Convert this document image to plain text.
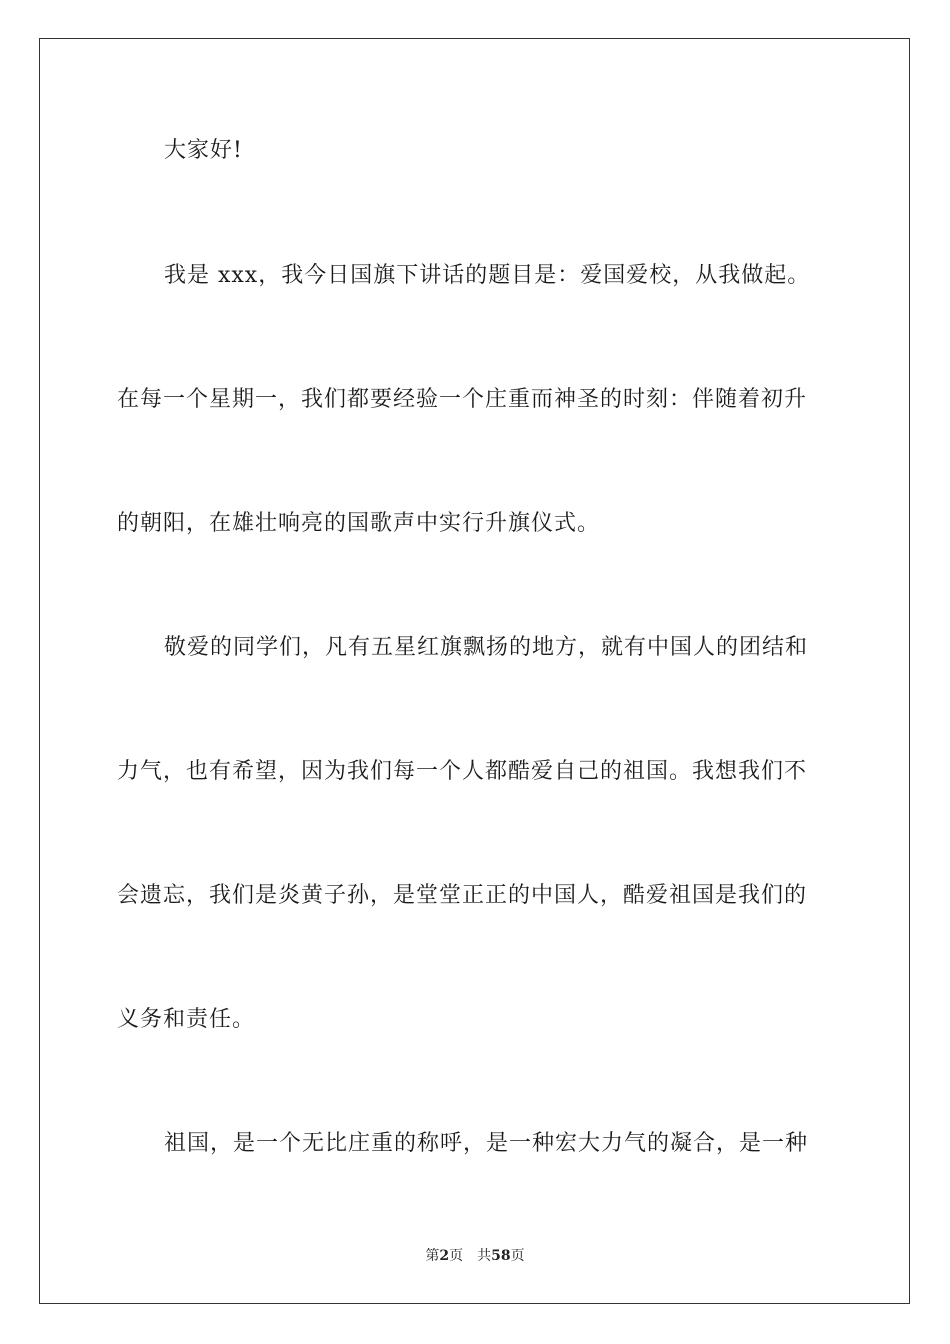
大家好!
我是 xxx，我今日国旗下讲话的题目是：爱国爱校，从我做起。
在每一个星期一，我们都要经验一个庄重而神圣的时刻：伴随着初升
的朝阳，在雄壮响亮的国歌声中实行升旗仪式。
敬爱的同学们，凡有五星红旗飘扬的地方，就有中国人的团结和
力气，也有希望，因为我们每一个人都酷爱自己的祖国。我想我们不
会遗忘，我们是炎黄子孙，是堂堂正正的中国人，酷爱祖国是我们的
义务和责任。
祖国，是一个无比庄重的称呼，是一种宏大力气的凝合，是一种
第2页 共58页
